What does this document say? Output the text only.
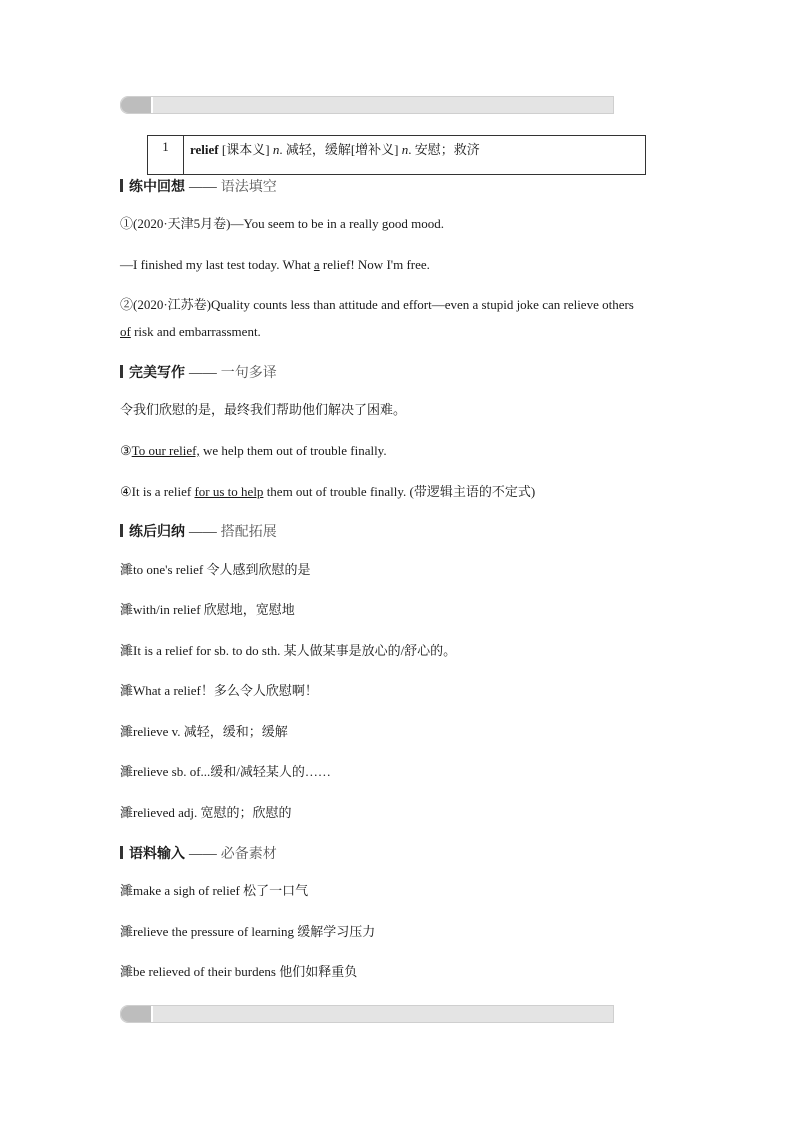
1	relief [课本义] n. 减轻，缓解[增补义] n. 安慰；救济
练中回想 —— 语法填空
①(2020·天津5月卷)—You seem to be in a really good mood.
—I finished my last test today. What a relief! Now I'm free.
②(2020·江苏卷)Quality counts less than attitude and effort—even a stupid joke can relieve others
of risk and embarrassment.
完美写作 —— 一句多译
令我们欣慰的是，最终我们帮助他们解决了困难。
③To our relief, we help them out of trouble finally.
④It is a relief for us to help them out of trouble finally. (带逻辑主语的不定式)
练后归纳 —— 搭配拓展
濉to one's relief 令人感到欣慰的是
濉with/in relief 欣慰地，宽慰地
濉It is a relief for sb. to do sth. 某人做某事是放心的/舒心的。
濉What a relief！多么令人欣慰啊！
濉relieve v. 减轻，缓和；缓解
濉relieve sb. of...缓和/减轻某人的……
濉relieved adj. 宽慰的；欣慰的
语料输入 —— 必备素材
濉make a sigh of relief 松了一口气
濉relieve the pressure of learning 缓解学习压力
濉be relieved of their burdens 他们如释重负
